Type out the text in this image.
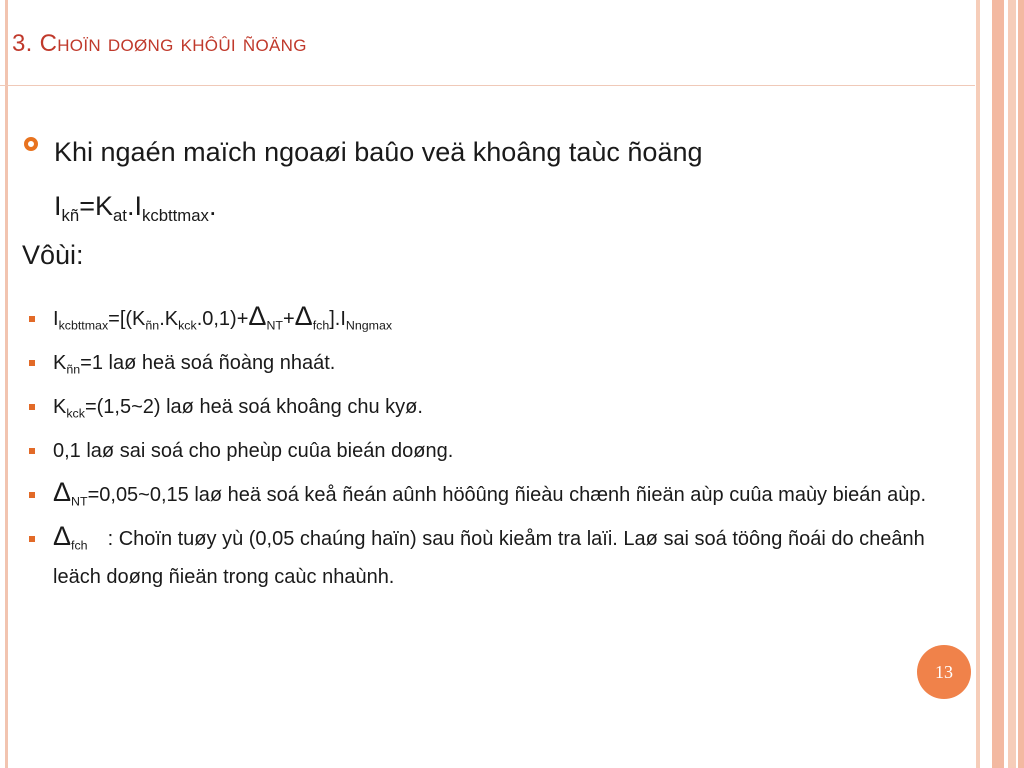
3. Choïn doøng khôûi ñoäng
Khi ngaén maïch ngoaøi baûo veä khoâng taùc ñoäng
$I_{kñ}=K_{at}.I_{kcbttmax}$.
Vôùi:
$I_{kcbttmax}=[(K_{ñn}.K_{kck}.0,1)+\Delta_{NT}+\Delta_{fch}].I_{Nngmax}$
$K_{ñn}=1$ laø heä soá ñoàng nhaát.
$K_{kck}=(1,5\sim 2)$ laø heä soá khoâng chu kyø.
0,1 laø sai soá cho pheùp cuûa bieán doøng.
$\Delta_{NT}=0,05\sim 0,15$ laø heä soá keå ñeán aûnh höôûng ñieàu chænh ñieän aùp cuûa maùy bieán aùp.
$\Delta_{fch}$ : Choïn tuøy yù (0,05 chaúng haïn) sau ñoù kieåm tra laïi. Laø sai soá töông ñoái do cheânh leäch doøng ñieän trong caùc nhaùnh.
13
